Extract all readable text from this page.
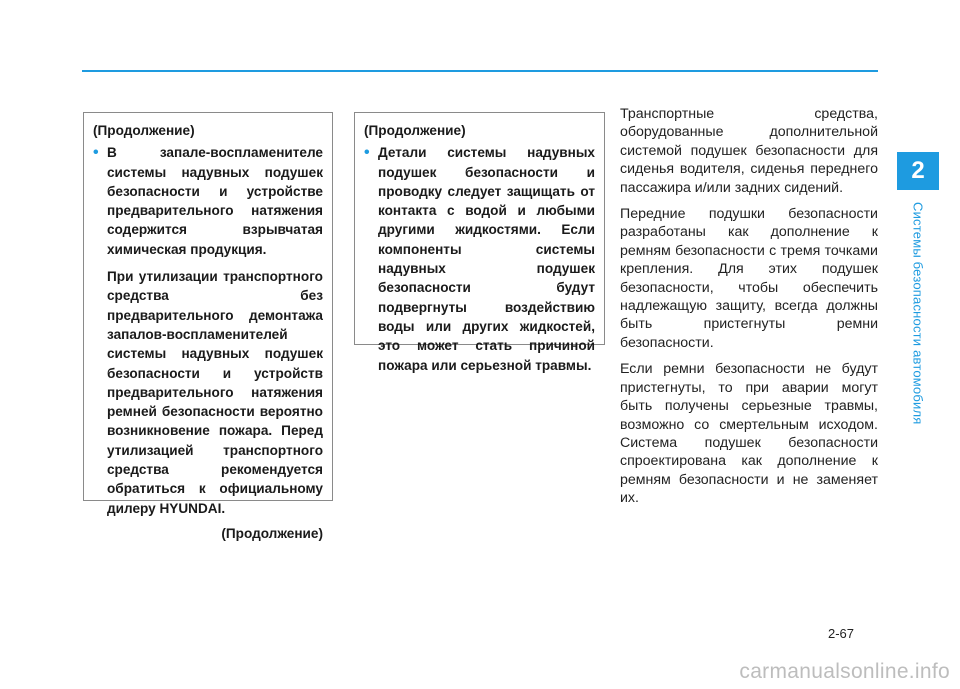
2
Системы безопасности автомобиля
(Продолжение)
• В запале-воспламенителе системы надувных подушек безопасности и устройстве предварительного натяжения содержится взрывчатая химическая продукция.
При утилизации транспортного средства без предварительного демонтажа запалов-воспламенителей системы надувных подушек безопасности и устройств предварительного натяжения ремней безопасности вероятно возникновение пожара. Перед утилизацией транспортного средства рекомендуется обратиться к официальному дилеру HYUNDAI.
(Продолжение)
(Продолжение)
• Детали системы надувных подушек безопасности и проводку следует защищать от контакта с водой и любыми другими жидкостями. Если компоненты системы надувных подушек безопасности будут подвергнуты воздействию воды или других жидкостей, это может стать причиной пожара или серьезной травмы.

Транспортные средства, оборудованные дополнительной системой подушек безопасности для сиденья водителя, сиденья переднего пассажира и/или задних сидений.

Передние подушки безопасности разработаны как дополнение к ремням безопасности с тремя точками крепления. Для этих подушек безопасности, чтобы обеспечить надлежащую защиту, всегда должны быть пристегнуты ремни безопасности.

Если ремни безопасности не будут пристегнуты, то при аварии могут быть получены серьезные травмы, возможно со смертельным исходом. Система подушек безопасности спроектирована как дополнение к ремням безопасности и не заменяет их.

2-67
carmanualsonline.info
